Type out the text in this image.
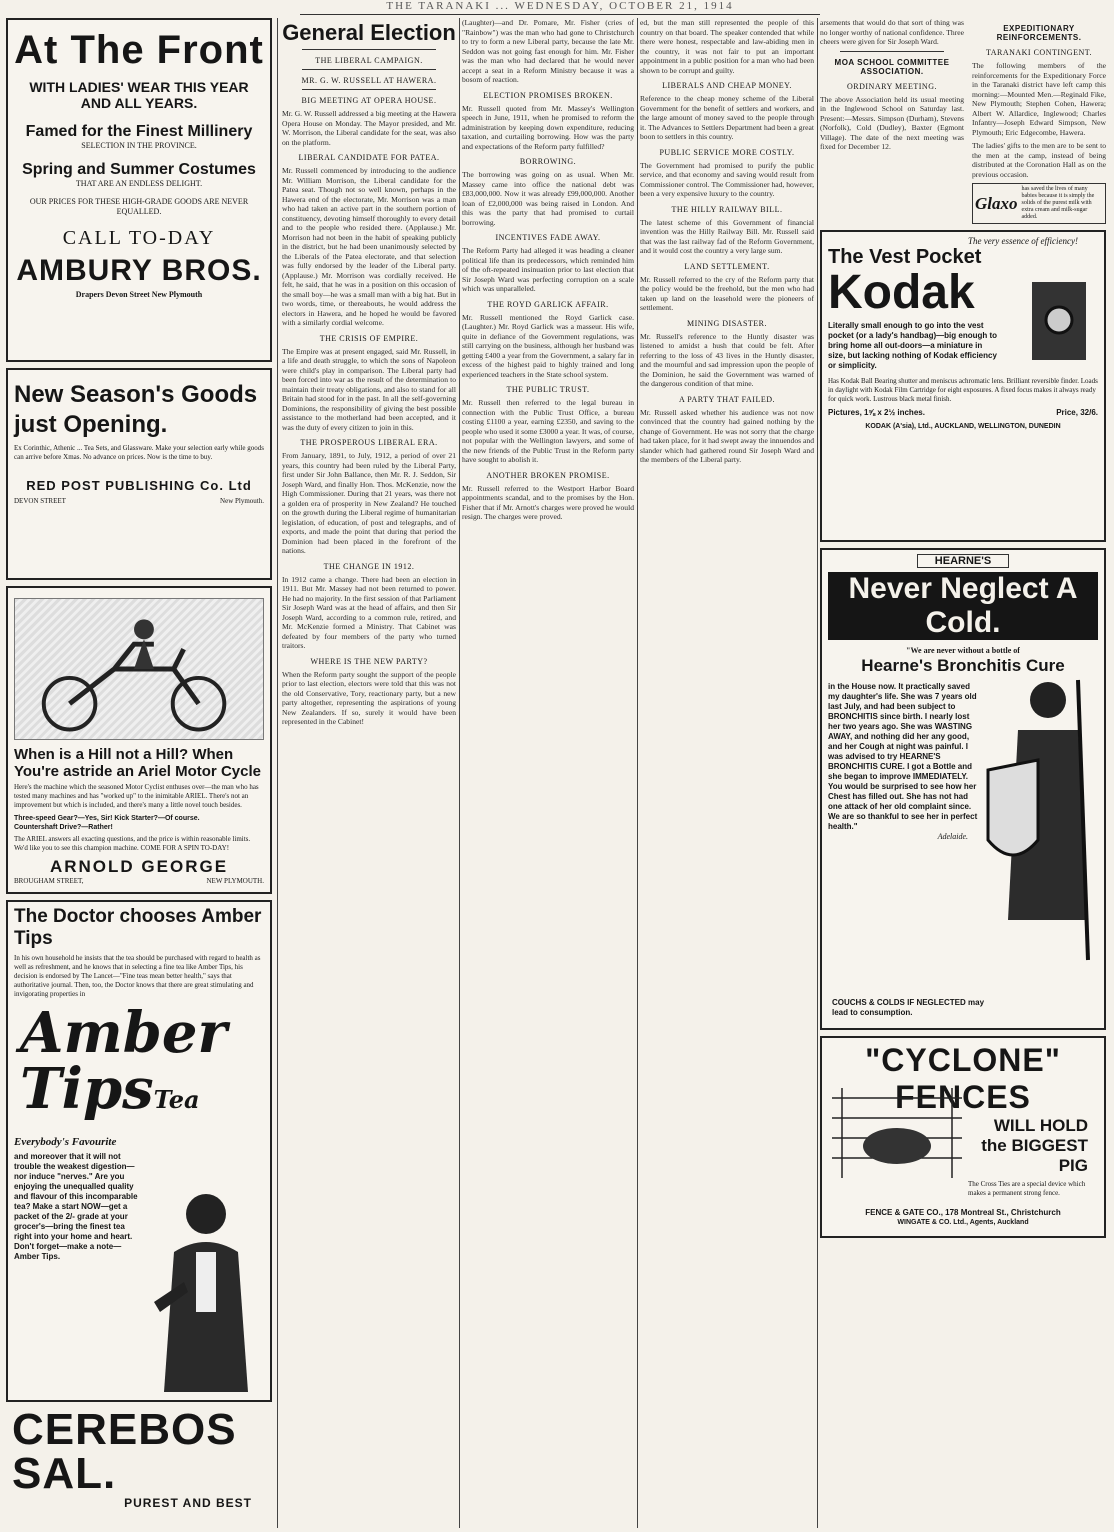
THE TARANAKI ... WEDNESDAY, OCTOBER 21, 1914
At The Front
WITH LADIES' WEAR THIS YEAR AND ALL YEARS.
Famed for the Finest Millinery
SELECTION IN THE PROVINCE.
Spring and Summer Costumes
THAT ARE AN ENDLESS DELIGHT.
OUR PRICES FOR THESE HIGH-GRADE GOODS ARE NEVER EQUALLED.
CALL TO-DAY
AMBURY BROS.
Drapers Devon Street New Plymouth
New Season's Goods just Opening.
Ex Corinthic, Athenic ... Tea Sets, and Glassware. Make your selection early while goods can arrive before Xmas. No advance on prices. Now is the time to buy.
RED POST PUBLISHING Co. Ltd
DEVON STREET	New Plymouth.
When is a Hill not a Hill? When You're astride an Ariel Motor Cycle
Here's the machine which the seasoned Motor Cyclist enthuses over—the man who has tested many machines and has "worked up" to the inimitable ARIEL. There's not an improvement but which is included, and there's many a little novel touch besides.
Three-speed Gear?—Yes, Sir! Kick Starter?—Of course.
Countershaft Drive?—Rather!
The ARIEL answers all exacting questions, and the price is within reasonable limits. We'd like you to see this champion machine. COME FOR A SPIN TO-DAY!
ARNOLD GEORGE
BROUGHAM STREET,	NEW PLYMOUTH.
The Doctor chooses Amber Tips
In his own household he insists that the tea should be purchased with regard to health as well as refreshment, and he knows that in selecting a fine tea like Amber Tips, his decision is endorsed by The Lancet—"Fine teas mean better health," says that authoritative journal. Then, too, the Doctor knows that there are great stimulating and invigorating properties in
Amber TipsTea
Everybody's Favourite
and moreover that it will not trouble the weakest digestion—nor induce "nerves." Are you enjoying the unequalled quality and flavour of this incomparable tea? Make a start NOW—get a packet of the 2/- grade at your grocer's—bring the finest tea right into your home and heart. Don't forget—make a note—Amber Tips.
CEREBOS SAL.
PUREST AND BEST
General Election
THE LIBERAL CAMPAIGN.
MR. G. W. RUSSELL AT HAWERA.
BIG MEETING AT OPERA HOUSE.

Mr. G. W. Russell addressed a big meeting at the Hawera Opera House on Monday. The Mayor presided, and Mr. W. Morrison, the Liberal candidate for the seat, was also on the platform.

LIBERAL CANDIDATE FOR PATEA.

Mr. Russell commenced by introducing to the audience Mr. William Morrison, the Liberal candidate for the Patea seat. Though not so well known, perhaps in the Hawera end of the electorate, Mr. Morrison was a man who had taken an active part in the southern portion of constituency, devoting himself thoroughly to every detail and to the people who resided there. (Applause.) Mr. Morrison had not been in the habit of speaking publicly in the district, but he had been unanimously selected by the Liberals of the Patea electorate, and that selection was fully endorsed by the leader of the Liberal party. (Applause.) Mr. Morrison was cordially received. He felt, he said, that he was in a position on this occasion of the small boy—he was a small man with a big hat. But in two words, time, or thereabouts, he would address the electors in Hawera, and he hoped he would be favored with a similarly cordial welcome.

THE CRISIS OF EMPIRE.

The Empire was at present engaged, said Mr. Russell, in a life and death struggle, to which the sons of Napoleon were child's play in comparison. The Liberal party had been forced into war as the result of the determination to maintain their treaty obligations, and also to stand for all Britain had stood for in the past. In all the self-governing Dominions, the responsibility of giving the best possible assistance to the motherland had been accepted, and it was the duty of every citizen to join in this.

THE PROSPEROUS LIBERAL ERA.

From January, 1891, to July, 1912, a period of over 21 years, this country had been ruled by the Liberal Party, first under Sir John Ballance, then Mr. R. J. Seddon, Sir Joseph Ward, and finally Hon. Thos. McKenzie, now the High Commissioner. During that 21 years, was there not a golden era of prosperity in New Zealand? He touched on the growth during the Liberal regime of humanitarian legislation, of education, of post and telegraphs, and of exports, and made the point that during that period the Dominion had been placed in the forefront of the nations.

THE CHANGE IN 1912.

In 1912 came a change. There had been an election in 1911. But Mr. Massey had not been returned to power. He had no majority. In the first session of that Parliament Sir Joseph Ward was at the head of affairs, and then Sir Joseph Ward, according to a common rule, retired, and Mr. McKenzie formed a Ministry. That Cabinet was defeated by four members of the party who turned traitors.

WHERE IS THE NEW PARTY?

When the Reform party sought the support of the people prior to last election, electors were told that this was not the old Conservative, Tory, reactionary party, but a new party altogether, representing the aspirations of young New Zealanders. If so, surely it would have been represented in the Cabinet!

(Laughter)—and Dr. Pomare, Mr. Fisher (cries of "Rainbow") was the man who had gone to Christchurch to try to form a new Liberal party, because the late Mr. Seddon was not going fast enough for him. Mr. Fisher was the man who had declared that he would never accept a seat in a Reform Ministry because it was a bosom of reaction.

ELECTION PROMISES BROKEN.

Mr. Russell quoted from Mr. Massey's Wellington speech in June, 1911, when he promised to reform the administration by keeping down expenditure, reducing taxation, and curtailing borrowing. How was the party and expectations of the Reform party fulfilled?

BORROWING.

The borrowing was going on as usual. When Mr. Massey came into office the national debt was £83,000,000. Now it was already £99,000,000. Another loan of £2,000,000 was being raised in London. And this was the party that had promised to curtail borrowing.

INCENTIVES FADE AWAY.

The Reform Party had alleged it was heading a cleaner political life than its predecessors, which reminded him of the oft-repeated insinuation prior to last election that Sir Joseph Ward was perfecting corruption on a scale which was unparalleled.

THE ROYD GARLICK AFFAIR.

Mr. Russell mentioned the Royd Garlick case. (Laughter.) Mr. Royd Garlick was a masseur. His wife, quite in defiance of the Government regulations, was still carrying on the business, although her husband was getting £400 a year from the Government, a salary far in excess of the highest paid to highly trained and long experienced teachers in the State school system.

THE PUBLIC TRUST.

Mr. Russell then referred to the legal bureau in connection with the Public Trust Office, a bureau costing £1100 a year, earning £2350, and saving to the people who used it some £3000 a year. It was, of course, not popular with the Wellington lawyers, and some of the new friends of the Public Trust in the Reform party have sought to abolish it.

ANOTHER BROKEN PROMISE.

Mr. Russell referred to the Westport Harbor Board appointments scandal, and to the promises by the Hon. Fisher that if Mr. Arnott's charges were proved he would resign. The charges were proved.

ed, but the man still represented the people of this country on that board. The speaker contended that while there were honest, respectable and law-abiding men in the country, it was not fair to put an important appointment in a public position for a man who had been shown to be corrupt and guilty.

LIBERALS AND CHEAP MONEY.

Reference to the cheap money scheme of the Liberal Government for the benefit of settlers and workers, and the large amount of money saved to the people through it. The Advances to Settlers Department had been a great boon to settlers in this country.

PUBLIC SERVICE MORE COSTLY.

The Government had promised to purify the public service, and that economy and saving would result from Commissioner control. The Commissioner had, however, been a very expensive luxury to the country.

THE HILLY RAILWAY BILL.

The latest scheme of this Government of financial invention was the Hilly Railway Bill. Mr. Russell said that was the last railway fad of the Reform Government, and it would cost the country a very large sum.

LAND SETTLEMENT.

Mr. Russell referred to the cry of the Reform party that the policy would be the freehold, but the men who had taken up land on the leasehold were the pioneers of settlement.

MINING DISASTER.

Mr. Russell's reference to the Huntly disaster was listened to amidst a hush that could be felt. After referring to the loss of 43 lives in the Huntly disaster, and the mournful and sad impression upon the people of the Dominion, he said the Government was warned of the dangerous condition of that mine.

A PARTY THAT FAILED.

Mr. Russell asked whether his audience was not now convinced that the country had gained nothing by the change of Government. He was not sorry that the charge had taken place, for it had swept away the innuendos and slander which had gathered round Sir Joseph Ward and the members of the Liberal party.

arsements that would do that sort of thing was no longer worthy of national confidence. Three cheers were given for Sir Joseph Ward.

MOA SCHOOL COMMITTEE ASSOCIATION.
ORDINARY MEETING.

The above Association held its usual meeting in the Inglewood School on Saturday last. Present:—Messrs. Simpson (Durham), Stevens (Norfolk), Cold (Dudley), Baxter (Egmont Village). The date of the next meeting was fixed for December 12.

EXPEDITIONARY REINFORCEMENTS.
TARANAKI CONTINGENT.

The following members of the reinforcements for the Expeditionary Force in the Taranaki district have left camp this morning:—Mounted Men.—Reginald Fike, New Plymouth; Stephen Cohen, Hawera; Albert W. Allardice, Inglewood; Charles Infantry—Joseph Edward Simpson, New Plymouth; Eric Edgecombe, Hawera.

The ladies' gifts to the men are to be sent to the men at the camp, instead of being distributed at the Coronation Hall as on the previous occasion.

Glaxo
has saved the lives of many babies because it is simply the solids of the purest milk with extra cream and milk-sugar added.
The very essence of efficiency!
The Vest Pocket
Kodak
Literally small enough to go into the vest pocket (or a lady's handbag)—big enough to bring home all out-doors—a miniature in size, but lacking nothing of Kodak efficiency or simplicity.
Has Kodak Ball Bearing shutter and meniscus achromatic lens. Brilliant reversible finder. Loads in daylight with Kodak Film Cartridge for eight exposures. A fixed focus makes it always ready for quick work. Lustrous black metal finish.
Pictures, 1⅝ x 2½ inches.	Price, 32/6.
KODAK (A'sia), Ltd., AUCKLAND, WELLINGTON, DUNEDIN
HEARNE'S
Never Neglect A Cold.
"We are never without a bottle of
Hearne's Bronchitis Cure
in the House now. It practically saved my daughter's life. She was 7 years old last July, and had been subject to BRONCHITIS since birth. I nearly lost her two years ago. She was WASTING AWAY, and nothing did her any good, and her Cough at night was painful. I was advised to try HEARNE'S BRONCHITIS CURE. I got a Bottle and she began to improve IMMEDIATELY. You would be surprised to see how her Chest has filled out. She has not had one attack of her old complaint since. We are so thankful to see her in perfect health."
Adelaide.
COUCHS & COLDS IF NEGLECTED may lead to consumption.
"CYCLONE" FENCES
WILL HOLD the BIGGEST PIG
The Cross Ties are a special device which makes a permanent strong fence.
FENCE & GATE CO., 178 Montreal St., Christchurch
WINGATE & CO. Ltd., Agents, Auckland
